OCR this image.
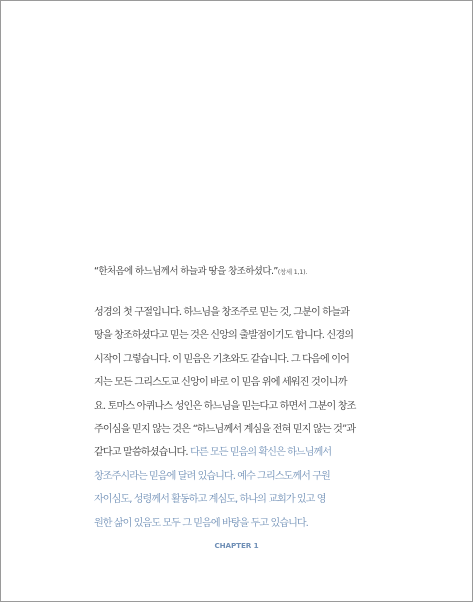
“한처음에 하느님께서 하늘과 땅을 창조하셨다.”(창세 1,1).
성경의 첫 구절입니다. 하느님을 창조주로 믿는 것, 그분이 하늘과
땅을 창조하셨다고 믿는 것은 신앙의 출발점이기도 합니다. 신경의
시작이 그렇습니다. 이 믿음은 기초와도 같습니다. 그 다음에 이어
지는 모든 그리스도교 신앙이 바로 이 믿음 위에 세워진 것이니까
요. 토마스 아퀴나스 성인은 하느님을 믿는다고 하면서 그분이 창조
주이심을 믿지 않는 것은 “하느님께서 계심을 전혀 믿지 않는 것”과
같다고 말씀하셨습니다. 다른 모든 믿음의 확신은 하느님께서
창조주시라는 믿음에 달려 있습니다. 예수 그리스도께서 구원
자이심도, 성령께서 활동하고 계심도, 하나의 교회가 있고 영
원한 삶이 있음도 모두 그 믿음에 바탕을 두고 있습니다.
CHAPTER 1
